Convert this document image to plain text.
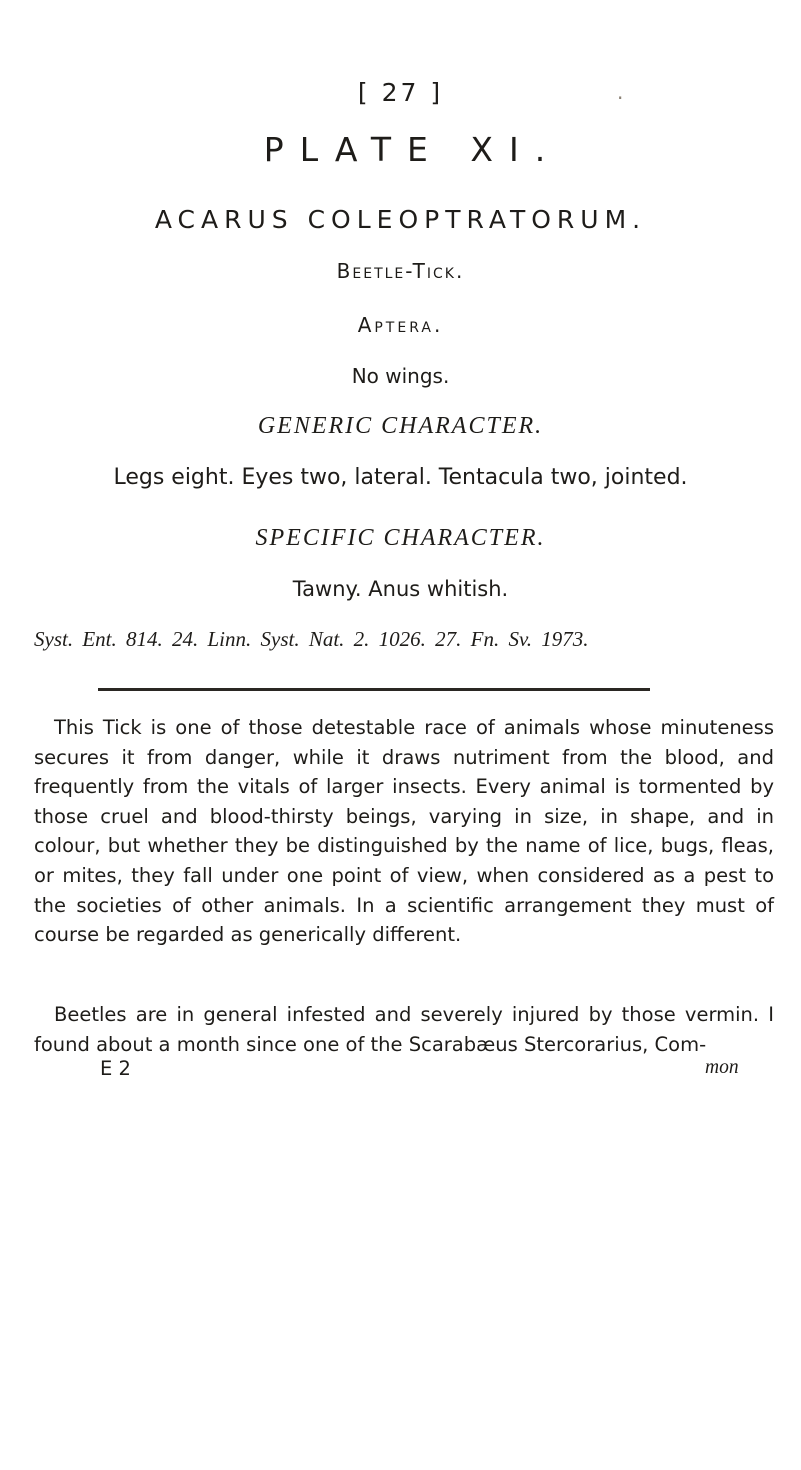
[ 27 ]	·
PLATE XI.
ACARUS COLEOPTRATORUM.
Beetle-Tick.
Aptera.
No wings.
GENERIC CHARACTER.
Legs eight. Eyes two, lateral. Tentacula two, jointed.
SPECIFIC CHARACTER.
Tawny. Anus whitish.
Syst. Ent. 814. 24. Linn. Syst. Nat. 2. 1026. 27. Fn. Sv. 1973.

This Tick is one of those detestable race of animals whose minuteness secures it from danger, while it draws nutriment from the blood, and frequently from the vitals of larger insects. Every animal is tormented by those cruel and blood-thirsty beings, varying in size, in shape, and in colour, but whether they be distinguished by the name of lice, bugs, fleas, or mites, they fall under one point of view, when considered as a pest to the societies of other animals. In a scientific arrangement they must of course be regarded as generically different.

Beetles are in general infested and severely injured by those vermin. I found about a month since one of the Scarabæus Stercorarius, Com-

E 2	mon
